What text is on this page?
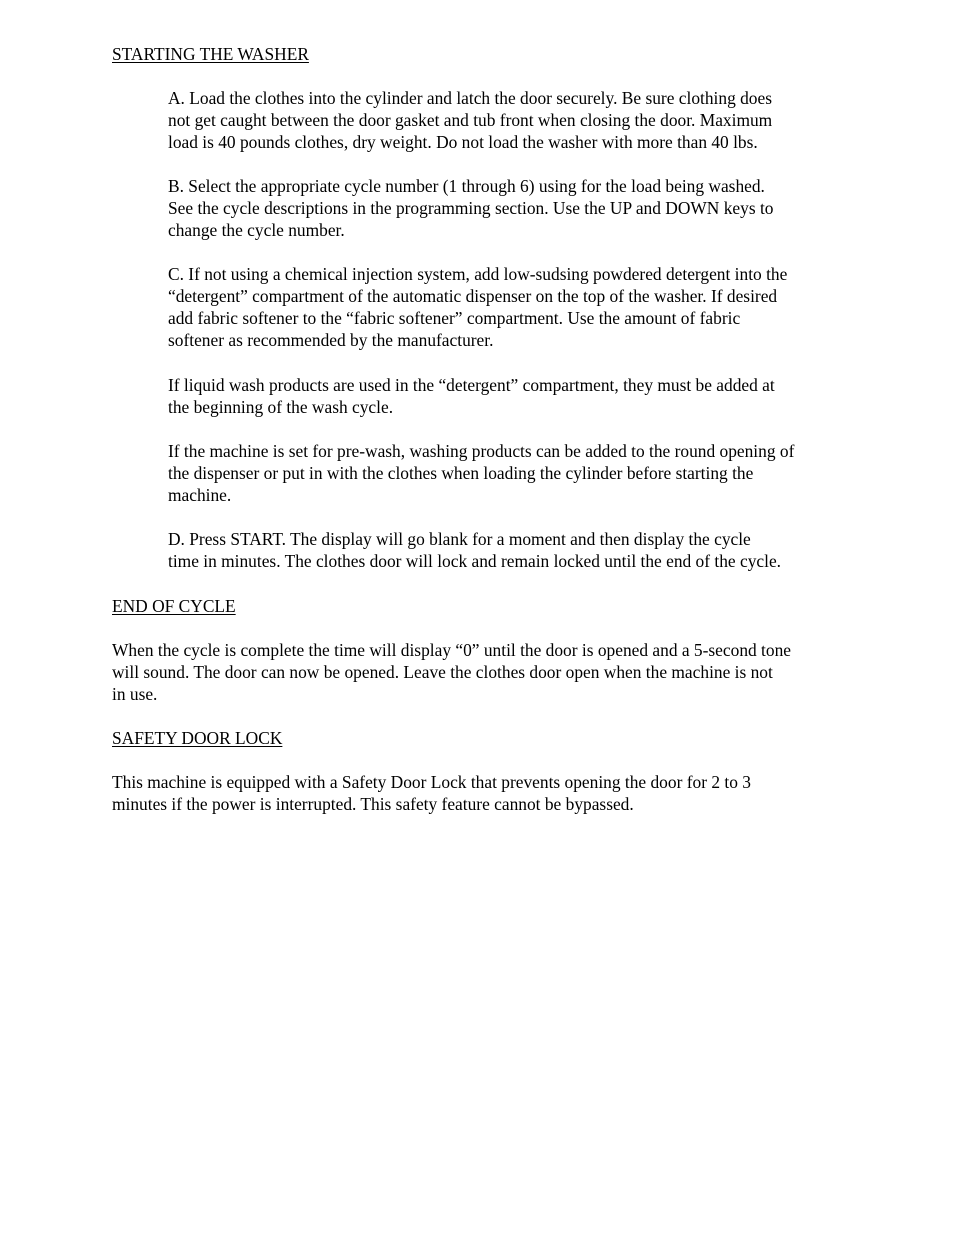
STARTING THE WASHER

A. Load the clothes into the cylinder and latch the door securely. Be sure clothing does
not get caught between the door gasket and tub front when closing the door. Maximum
load is 40 pounds clothes, dry weight. Do not load the washer with more than 40 lbs.

B. Select the appropriate cycle number (1 through 6) using for the load being washed.
See the cycle descriptions in the programming section. Use the UP and DOWN keys to
change the cycle number.

C. If not using a chemical injection system, add low-sudsing powdered detergent into the
“detergent” compartment of the automatic dispenser on the top of the washer. If desired
add fabric softener to the “fabric softener” compartment. Use the amount of fabric
softener as recommended by the manufacturer.

If liquid wash products are used in the “detergent” compartment, they must be added at
the beginning of the wash cycle.

If the machine is set for pre-wash, washing products can be added to the round opening of
the dispenser or put in with the clothes when loading the cylinder before starting the
machine.

D. Press START. The display will go blank for a moment and then display the cycle
time in minutes. The clothes door will lock and remain locked until the end of the cycle.

END OF CYCLE

When the cycle is complete the time will display “0” until the door is opened and a 5-second tone
will sound. The door can now be opened. Leave the clothes door open when the machine is not
in use.

SAFETY DOOR LOCK

This machine is equipped with a Safety Door Lock that prevents opening the door for 2 to 3
minutes if the power is interrupted. This safety feature cannot be bypassed.
